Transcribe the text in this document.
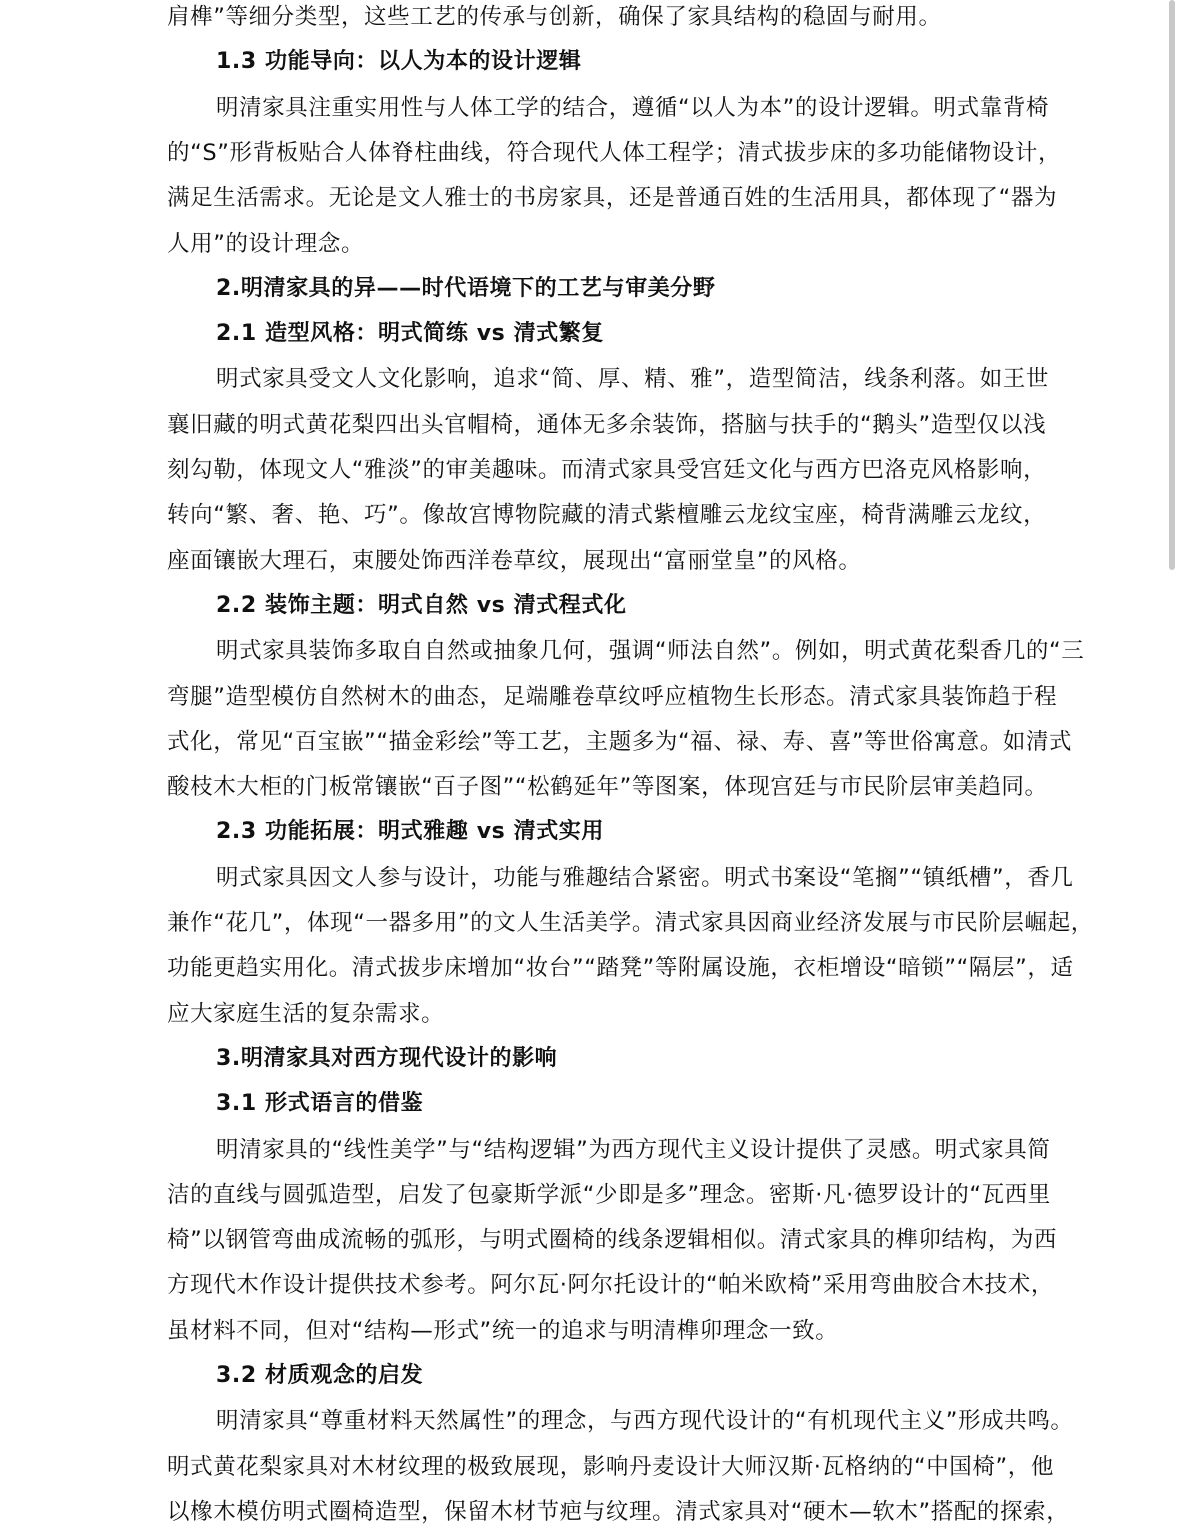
肩榫”等细分类型，这些工艺的传承与创新，确保了家具结构的稳固与耐用。
1.3 功能导向：以人为本的设计逻辑
明清家具注重实用性与人体工学的结合，遵循“以人为本”的设计逻辑。明式靠背椅
的“S”形背板贴合人体脊柱曲线，符合现代人体工程学；清式拔步床的多功能储物设计，
满足生活需求。无论是文人雅士的书房家具，还是普通百姓的生活用具，都体现了“器为
人用”的设计理念。
2.明清家具的异——时代语境下的工艺与审美分野
2.1 造型风格：明式简练 vs 清式繁复
明式家具受文人文化影响，追求“简、厚、精、雅”，造型简洁，线条利落。如王世
襄旧藏的明式黄花梨四出头官帽椅，通体无多余装饰，搭脑与扶手的“鹅头”造型仅以浅
刻勾勒，体现文人“雅淡”的审美趣味。而清式家具受宫廷文化与西方巴洛克风格影响，
转向“繁、奢、艳、巧”。像故宫博物院藏的清式紫檀雕云龙纹宝座，椅背满雕云龙纹，
座面镶嵌大理石，束腰处饰西洋卷草纹，展现出“富丽堂皇”的风格。
2.2 装饰主题：明式自然 vs 清式程式化
明式家具装饰多取自自然或抽象几何，强调“师法自然”。例如，明式黄花梨香几的“三
弯腿”造型模仿自然树木的曲态，足端雕卷草纹呼应植物生长形态。清式家具装饰趋于程
式化，常见“百宝嵌”“描金彩绘”等工艺，主题多为“福、禄、寿、喜”等世俗寓意。如清式
酸枝木大柜的门板常镶嵌“百子图”“松鹤延年”等图案，体现宫廷与市民阶层审美趋同。
2.3 功能拓展：明式雅趣 vs 清式实用
明式家具因文人参与设计，功能与雅趣结合紧密。明式书案设“笔搁”“镇纸槽”，香几
兼作“花几”，体现“一器多用”的文人生活美学。清式家具因商业经济发展与市民阶层崛起，
功能更趋实用化。清式拔步床增加“妆台”“踏凳”等附属设施，衣柜增设“暗锁”“隔层”，适
应大家庭生活的复杂需求。
3.明清家具对西方现代设计的影响
3.1 形式语言的借鉴
明清家具的“线性美学”与“结构逻辑”为西方现代主义设计提供了灵感。明式家具简
洁的直线与圆弧造型，启发了包豪斯学派“少即是多”理念。密斯·凡·德罗设计的“瓦西里
椅”以钢管弯曲成流畅的弧形，与明式圈椅的线条逻辑相似。清式家具的榫卯结构，为西
方现代木作设计提供技术参考。阿尔瓦·阿尔托设计的“帕米欧椅”采用弯曲胶合木技术，
虽材料不同，但对“结构—形式”统一的追求与明清榫卯理念一致。
3.2 材质观念的启发
明清家具“尊重材料天然属性”的理念，与西方现代设计的“有机现代主义”形成共鸣。
明式黄花梨家具对木材纹理的极致展现，影响丹麦设计大师汉斯·瓦格纳的“中国椅”，他
以橡木模仿明式圈椅造型，保留木材节疤与纹理。清式家具对“硬木—软木”搭配的探索，
